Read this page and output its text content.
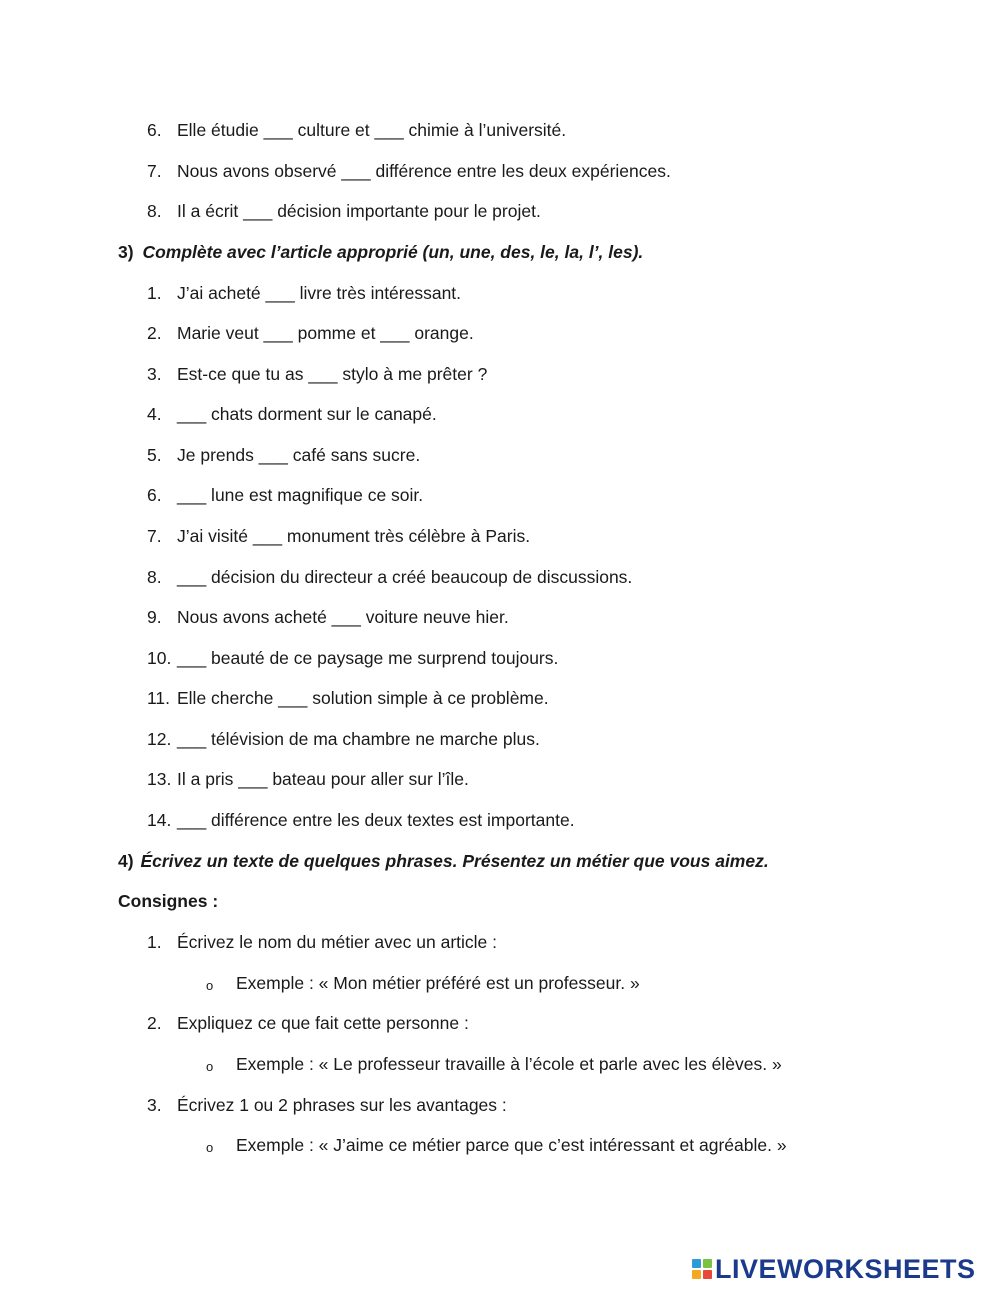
6. Elle étudie ___ culture et ___ chimie à l’université.
7. Nous avons observé ___ différence entre les deux expériences.
8. Il a écrit ___ décision importante pour le projet.
3) Complète avec l’article approprié (un, une, des, le, la, l’, les).
1. J’ai acheté ___ livre très intéressant.
2. Marie veut ___ pomme et ___ orange.
3. Est-ce que tu as ___ stylo à me prêter ?
4. ___ chats dorment sur le canapé.
5. Je prends ___ café sans sucre.
6. ___ lune est magnifique ce soir.
7. J’ai visité ___ monument très célèbre à Paris.
8. ___ décision du directeur a créé beaucoup de discussions.
9. Nous avons acheté ___ voiture neuve hier.
10. ___ beauté de ce paysage me surprend toujours.
11. Elle cherche ___ solution simple à ce problème.
12. ___ télévision de ma chambre ne marche plus.
13. Il a pris ___ bateau pour aller sur l’île.
14. ___ différence entre les deux textes est importante.
4) Écrivez un texte de quelques phrases. Présentez un métier que vous aimez.
Consignes :
1. Écrivez le nom du métier avec un article :
o Exemple : « Mon métier préféré est un professeur. »
2. Expliquez ce que fait cette personne :
o Exemple : « Le professeur travaille à l’école et parle avec les élèves. »
3. Écrivez 1 ou 2 phrases sur les avantages :
o Exemple : « J’aime ce métier parce que c’est intéressant et agréable. »
LIVEWORKSHEETS
